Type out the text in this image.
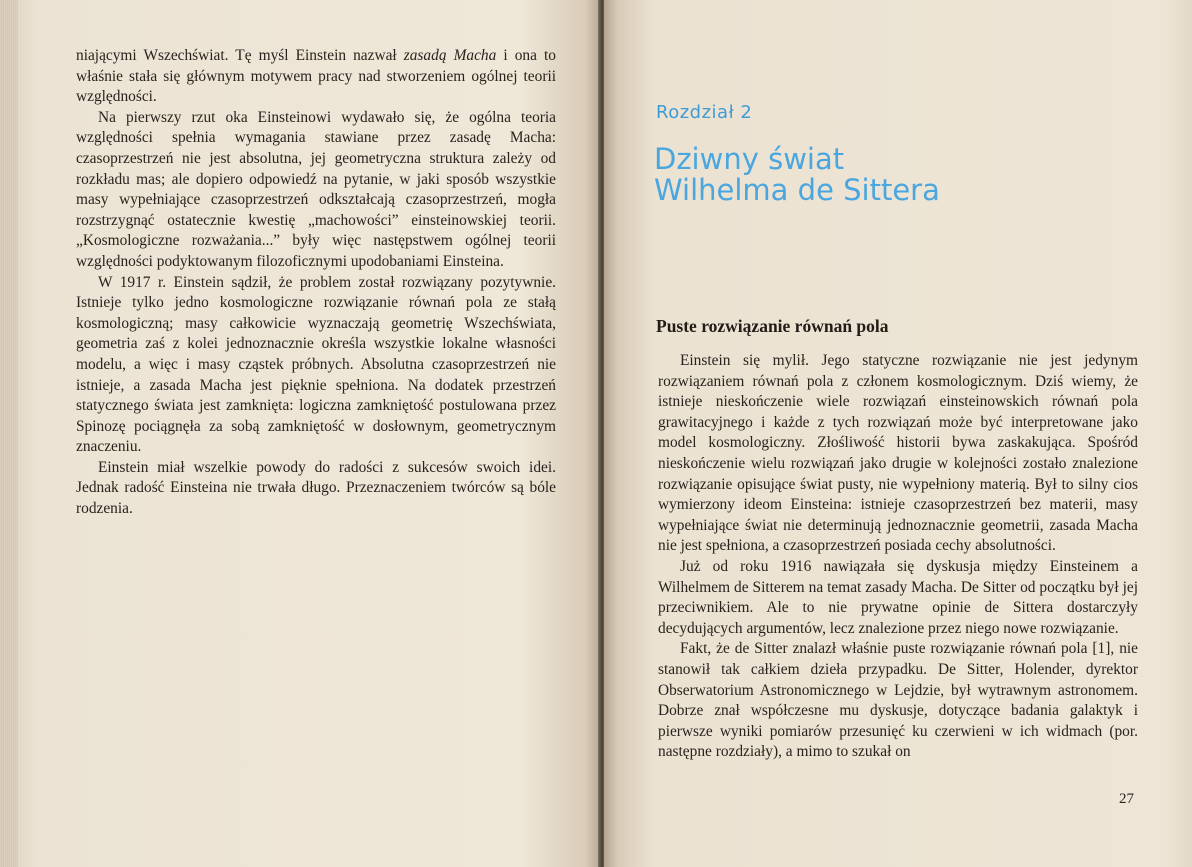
niającymi Wszechświat. Tę myśl Einstein nazwał zasadą Macha i ona to właśnie stała się głównym motywem pracy nad stworzeniem ogólnej teorii względności.

Na pierwszy rzut oka Einsteinowi wydawało się, że ogólna teoria względności spełnia wymagania stawiane przez zasadę Macha: czasoprzestrzeń nie jest absolutna, jej geometryczna struktura zależy od rozkładu mas; ale dopiero odpowiedź na pytanie, w jaki sposób wszystkie masy wypełniające czasoprzestrzeń odkształcają czasoprzestrzeń, mogła rozstrzygnąć ostatecznie kwestię „machowości” einsteinowskiej teorii. „Kosmologiczne rozważania...” były więc następstwem ogólnej teorii względności podyktowanym filozoficznymi upodobaniami Einsteina.

W 1917 r. Einstein sądził, że problem został rozwiązany pozytywnie. Istnieje tylko jedno kosmologiczne rozwiązanie równań pola ze stałą kosmologiczną; masy całkowicie wyznaczają geometrię Wszechświata, geometria zaś z kolei jednoznacznie określa wszystkie lokalne własności modelu, a więc i masy cząstek próbnych. Absolutna czasoprzestrzeń nie istnieje, a zasada Macha jest pięknie spełniona. Na dodatek przestrzeń statycznego świata jest zamknięta: logiczna zamkniętość postulowana przez Spinozę pociągnęła za sobą zamkniętość w dosłownym, geometrycznym znaczeniu.

Einstein miał wszelkie powody do radości z sukcesów swoich idei. Jednak radość Einsteina nie trwała długo. Przeznaczeniem twórców są bóle rodzenia.

Rozdział 2
Dziwny świat
Wilhelma de Sittera
Puste rozwiązanie równań pola

Einstein się mylił. Jego statyczne rozwiązanie nie jest jedynym rozwiązaniem równań pola z członem kosmologicznym. Dziś wiemy, że istnieje nieskończenie wiele rozwiązań einsteinowskich równań pola grawitacyjnego i każde z tych rozwiązań może być interpretowane jako model kosmologiczny. Złośliwość historii bywa zaskakująca. Spośród nieskończenie wielu rozwiązań jako drugie w kolejności zostało znalezione rozwiązanie opisujące świat pusty, nie wypełniony materią. Był to silny cios wymierzony ideom Einsteina: istnieje czasoprzestrzeń bez materii, masy wypełniające świat nie determinują jednoznacznie geometrii, zasada Macha nie jest spełniona, a czasoprzestrzeń posiada cechy absolutności.

Już od roku 1916 nawiązała się dyskusja między Einsteinem a Wilhelmem de Sitterem na temat zasady Macha. De Sitter od początku był jej przeciwnikiem. Ale to nie prywatne opinie de Sittera dostarczyły decydujących argumentów, lecz znalezione przez niego nowe rozwiązanie.

Fakt, że de Sitter znalazł właśnie puste rozwiązanie równań pola [1], nie stanowił tak całkiem dzieła przypadku. De Sitter, Holender, dyrektor Obserwatorium Astronomicznego w Lejdzie, był wytrawnym astronomem. Dobrze znał współczesne mu dyskusje, dotyczące badania galaktyk i pierwsze wyniki pomiarów przesunięć ku czerwieni w ich widmach (por. następne rozdziały), a mimo to szukał on

27
